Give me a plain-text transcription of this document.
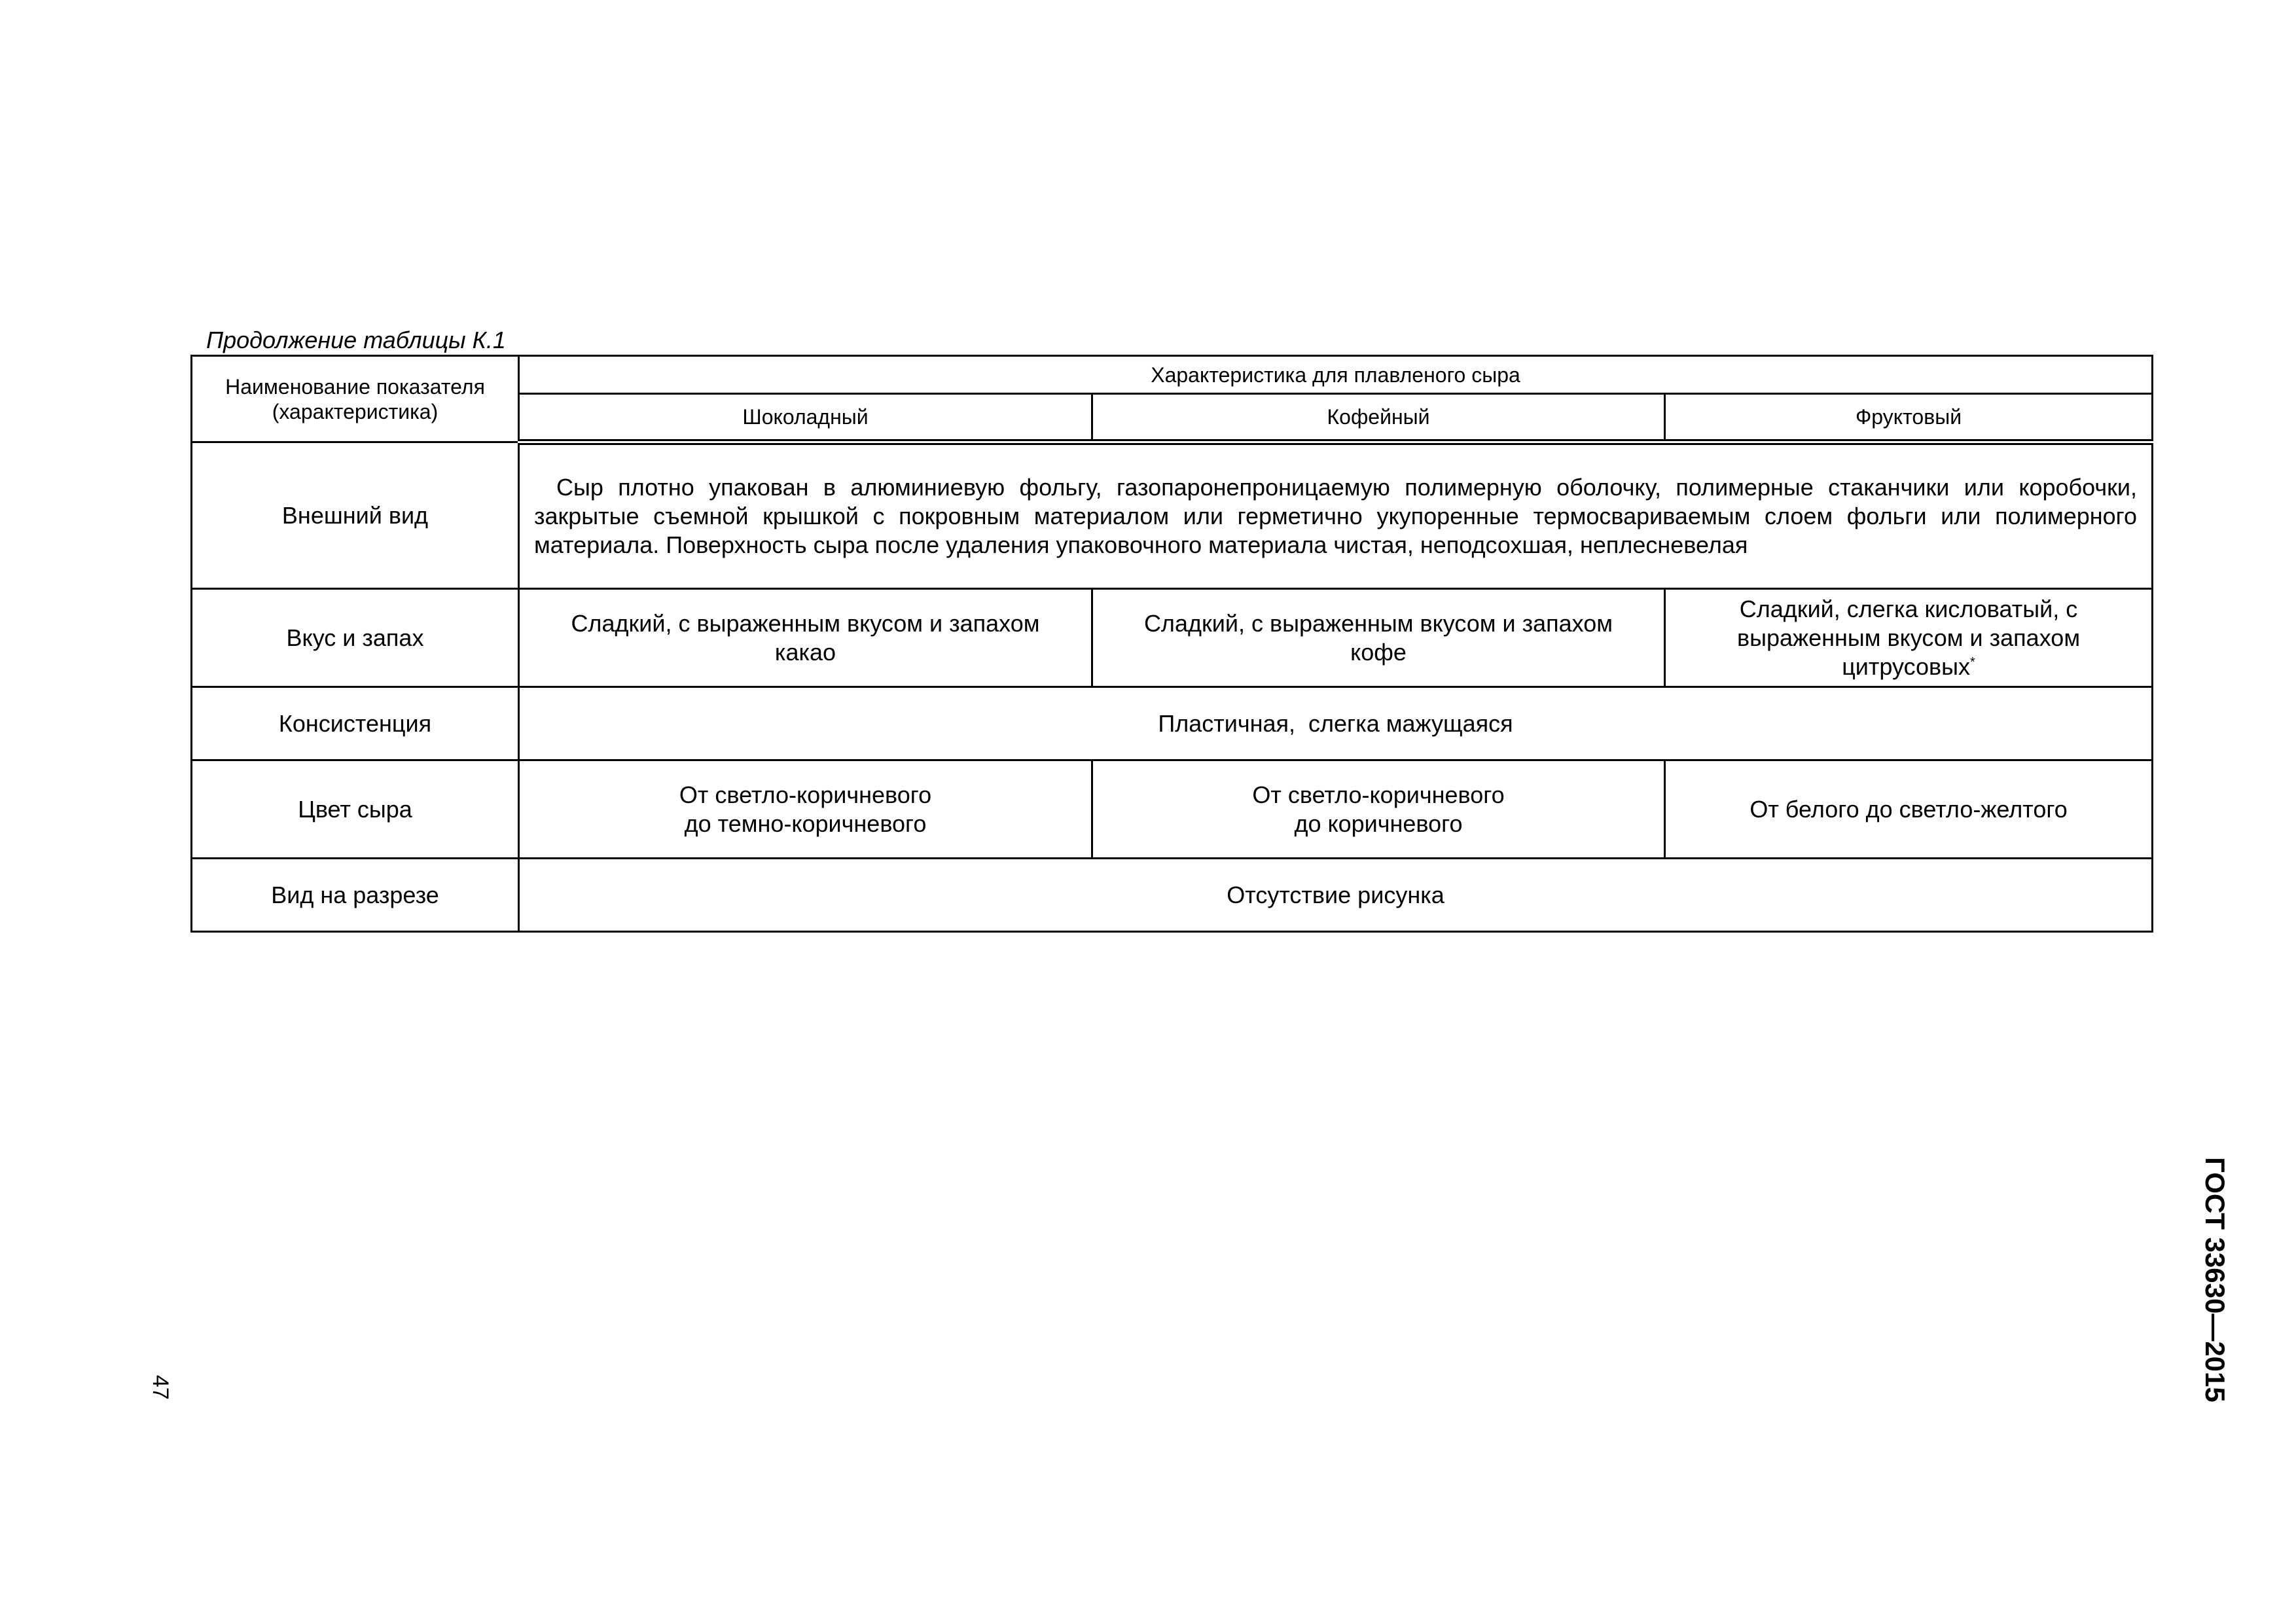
Продолжение таблицы К.1
Наименование показателя (характеристика)	Характеристика для плавленого сыра		
	Шоколадный	Кофейный	Фруктовый
Внешний вид	Сыр плотно упакован в алюминиевую фольгу, газопаронепроницаемую полимерную оболочку, полимерные стаканчики или коробочки, закрытые съемной крышкой с покровным материалом или герметично укупоренные термосвариваемым слоем фольги или полимерного материала. Поверхность сыра после удаления упаковочного материала чистая, неподсохшая, неплесневелая		
Вкус и запах	Сладкий, с выраженным вкусом и запахом какао	Сладкий, с выраженным вкусом и запахом кофе	Сладкий, слегка кисловатый, с выраженным вкусом и запахом цитрусовых*
Консистенция	Пластичная,  слегка мажущаяся		
Цвет сыра	От светло-коричневого до темно-коричневого	От светло-коричневого до коричневого	От белого до светло-желтого
Вид на разрезе	Отсутствие рисунка		
ГОСТ 33630—2015
47
